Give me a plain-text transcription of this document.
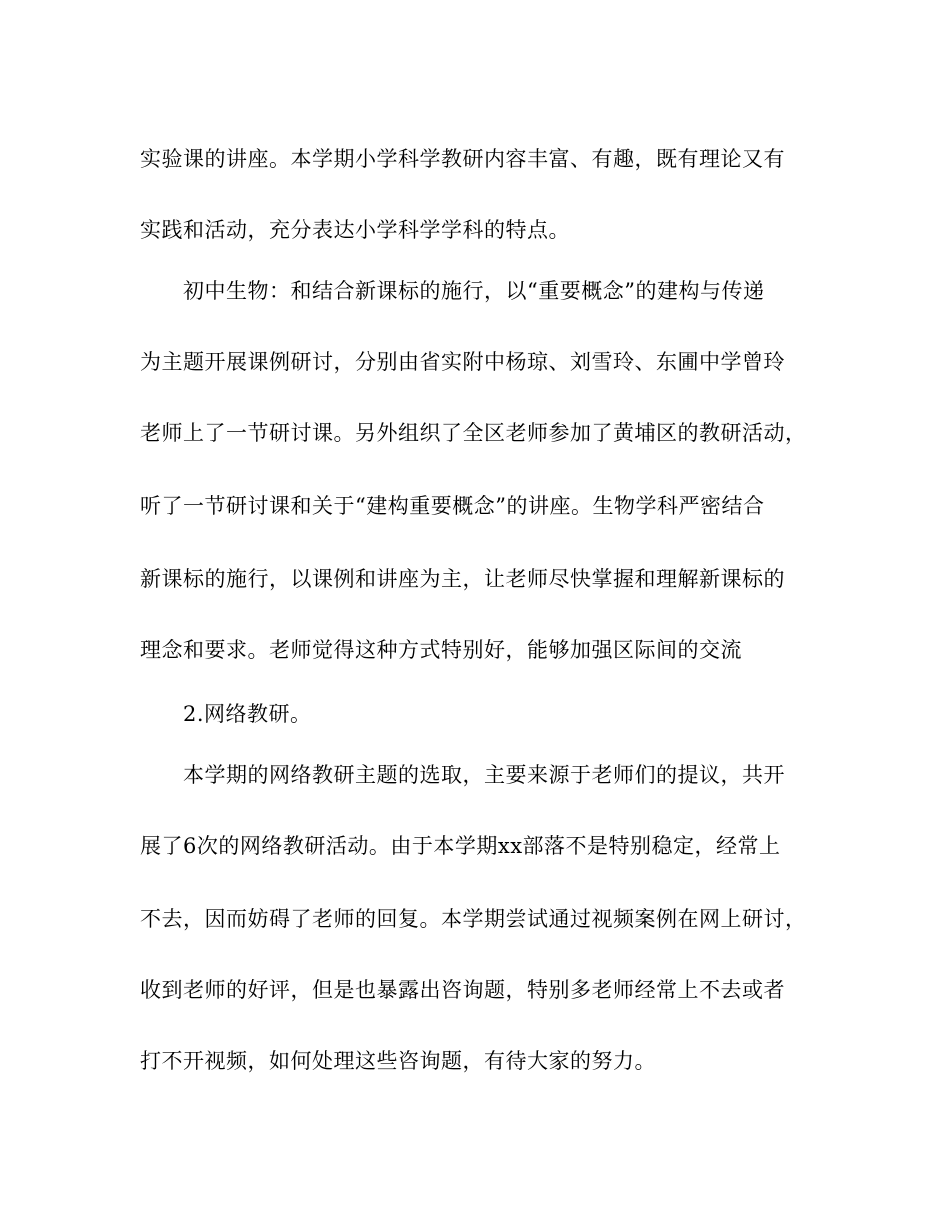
实验课的讲座。本学期小学科学教研内容丰富、有趣，既有理论又有
实践和活动，充分表达小学科学学科的特点。
初中生物：和结合新课标的施行，以“重要概念”的建构与传递
为主题开展课例研讨，分别由省实附中杨琼、刘雪玲、东圃中学曾玲
老师上了一节研讨课。另外组织了全区老师参加了黄埔区的教研活动，
听了一节研讨课和关于“建构重要概念”的讲座。生物学科严密结合
新课标的施行，以课例和讲座为主，让老师尽快掌握和理解新课标的
理念和要求。老师觉得这种方式特别好，能够加强区际间的交流
2.网络教研。
本学期的网络教研主题的选取，主要来源于老师们的提议，共开
展了6次的网络教研活动。由于本学期xx部落不是特别稳定，经常上
不去，因而妨碍了老师的回复。本学期尝试通过视频案例在网上研讨，
收到老师的好评，但是也暴露出咨询题，特别多老师经常上不去或者
打不开视频，如何处理这些咨询题，有待大家的努力。
